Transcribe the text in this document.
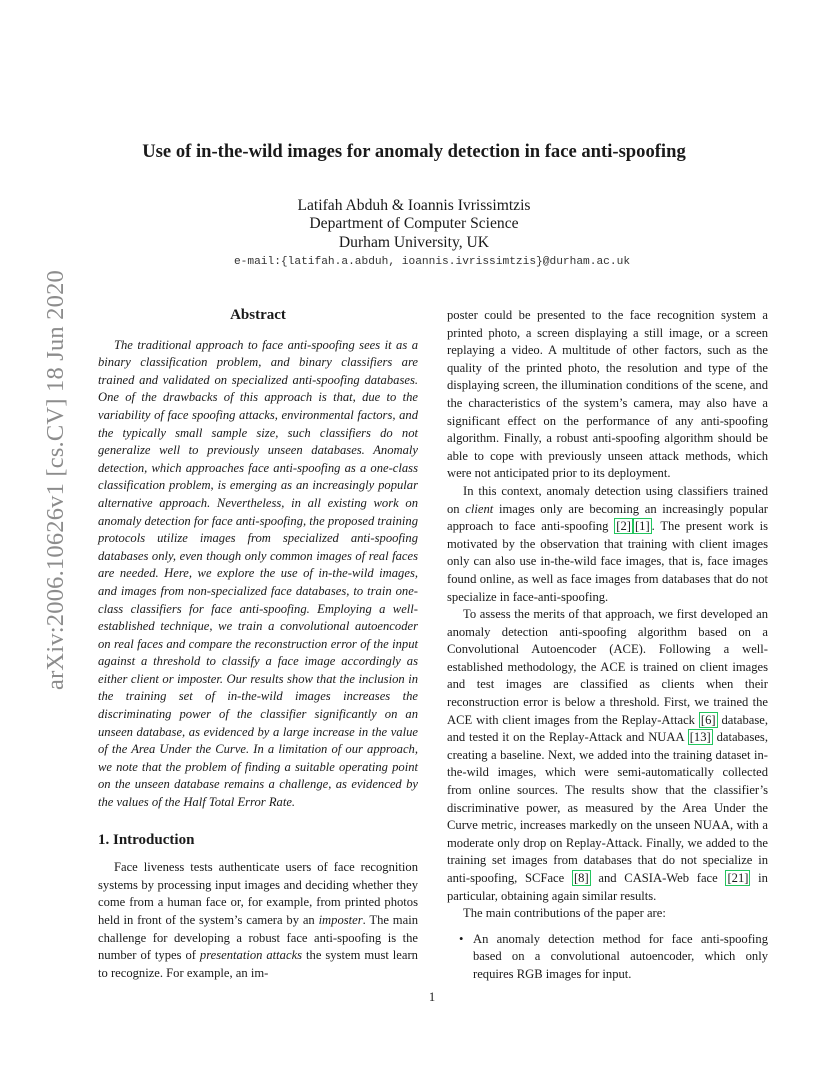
arXiv:2006.10626v1 [cs.CV] 18 Jun 2020
Use of in-the-wild images for anomaly detection in face anti-spoofing
Latifah Abduh & Ioannis Ivrissimtzis
Department of Computer Science
Durham University, UK
e-mail:{latifah.a.abduh, ioannis.ivrissimtzis}@durham.ac.uk
Abstract

The traditional approach to face anti-spoofing sees it as a binary classification problem, and binary classifiers are trained and validated on specialized anti-spoofing databases. One of the drawbacks of this approach is that, due to the variability of face spoofing attacks, environmental factors, and the typically small sample size, such classifiers do not generalize well to previously unseen databases. Anomaly detection, which approaches face anti-spoofing as a one-class classification problem, is emerging as an increasingly popular alternative approach. Nevertheless, in all existing work on anomaly detection for face anti-spoofing, the proposed training protocols utilize images from specialized anti-spoofing databases only, even though only common images of real faces are needed. Here, we explore the use of in-the-wild images, and images from non-specialized face databases, to train one-class classifiers for face anti-spoofing. Employing a well-established technique, we train a convolutional autoencoder on real faces and compare the reconstruction error of the input against a threshold to classify a face image accordingly as either client or imposter. Our results show that the inclusion in the training set of in-the-wild images increases the discriminating power of the classifier significantly on an unseen database, as evidenced by a large increase in the value of the Area Under the Curve. In a limitation of our approach, we note that the problem of finding a suitable operating point on the unseen database remains a challenge, as evidenced by the values of the Half Total Error Rate.

1. Introduction

Face liveness tests authenticate users of face recognition systems by processing input images and deciding whether they come from a human face or, for example, from printed photos held in front of the system’s camera by an imposter. The main challenge for developing a robust face anti-spoofing is the number of types of presentation attacks the system must learn to recognize. For example, an im-

poster could be presented to the face recognition system a printed photo, a screen displaying a still image, or a screen replaying a video. A multitude of other factors, such as the quality of the printed photo, the resolution and type of the displaying screen, the illumination conditions of the scene, and the characteristics of the system’s camera, may also have a significant effect on the performance of any anti-spoofing algorithm. Finally, a robust anti-spoofing algorithm should be able to cope with previously unseen attack methods, which were not anticipated prior to its deployment.

In this context, anomaly detection using classifiers trained on client images only are becoming an increasingly popular approach to face anti-spoofing [2] [1] . The present work is motivated by the observation that training with client images only can also use in-the-wild face images, that is, face images found online, as well as face images from databases that do not specialize in face-anti-spoofing.

To assess the merits of that approach, we first developed an anomaly detection anti-spoofing algorithm based on a Convolutional Autoencoder (ACE). Following a well-established methodology, the ACE is trained on client images and test images are classified as clients when their reconstruction error is below a threshold. First, we trained the ACE with client images from the Replay-Attack [6] database, and tested it on the Replay-Attack and NUAA [13] databases, creating a baseline. Next, we added into the training dataset in-the-wild images, which were semi-automatically collected from online sources. The results show that the classifier’s discriminative power, as measured by the Area Under the Curve metric, increases markedly on the unseen NUAA, with a moderate only drop on Replay-Attack. Finally, we added to the training set images from databases that do not specialize in anti-spoofing, SCFace [8] and CASIA-Web face [21] in particular, obtaining again similar results.

The main contributions of the paper are:

• An anomaly detection method for face anti-spoofing based on a convolutional autoencoder, which only requires RGB images for input.
1
